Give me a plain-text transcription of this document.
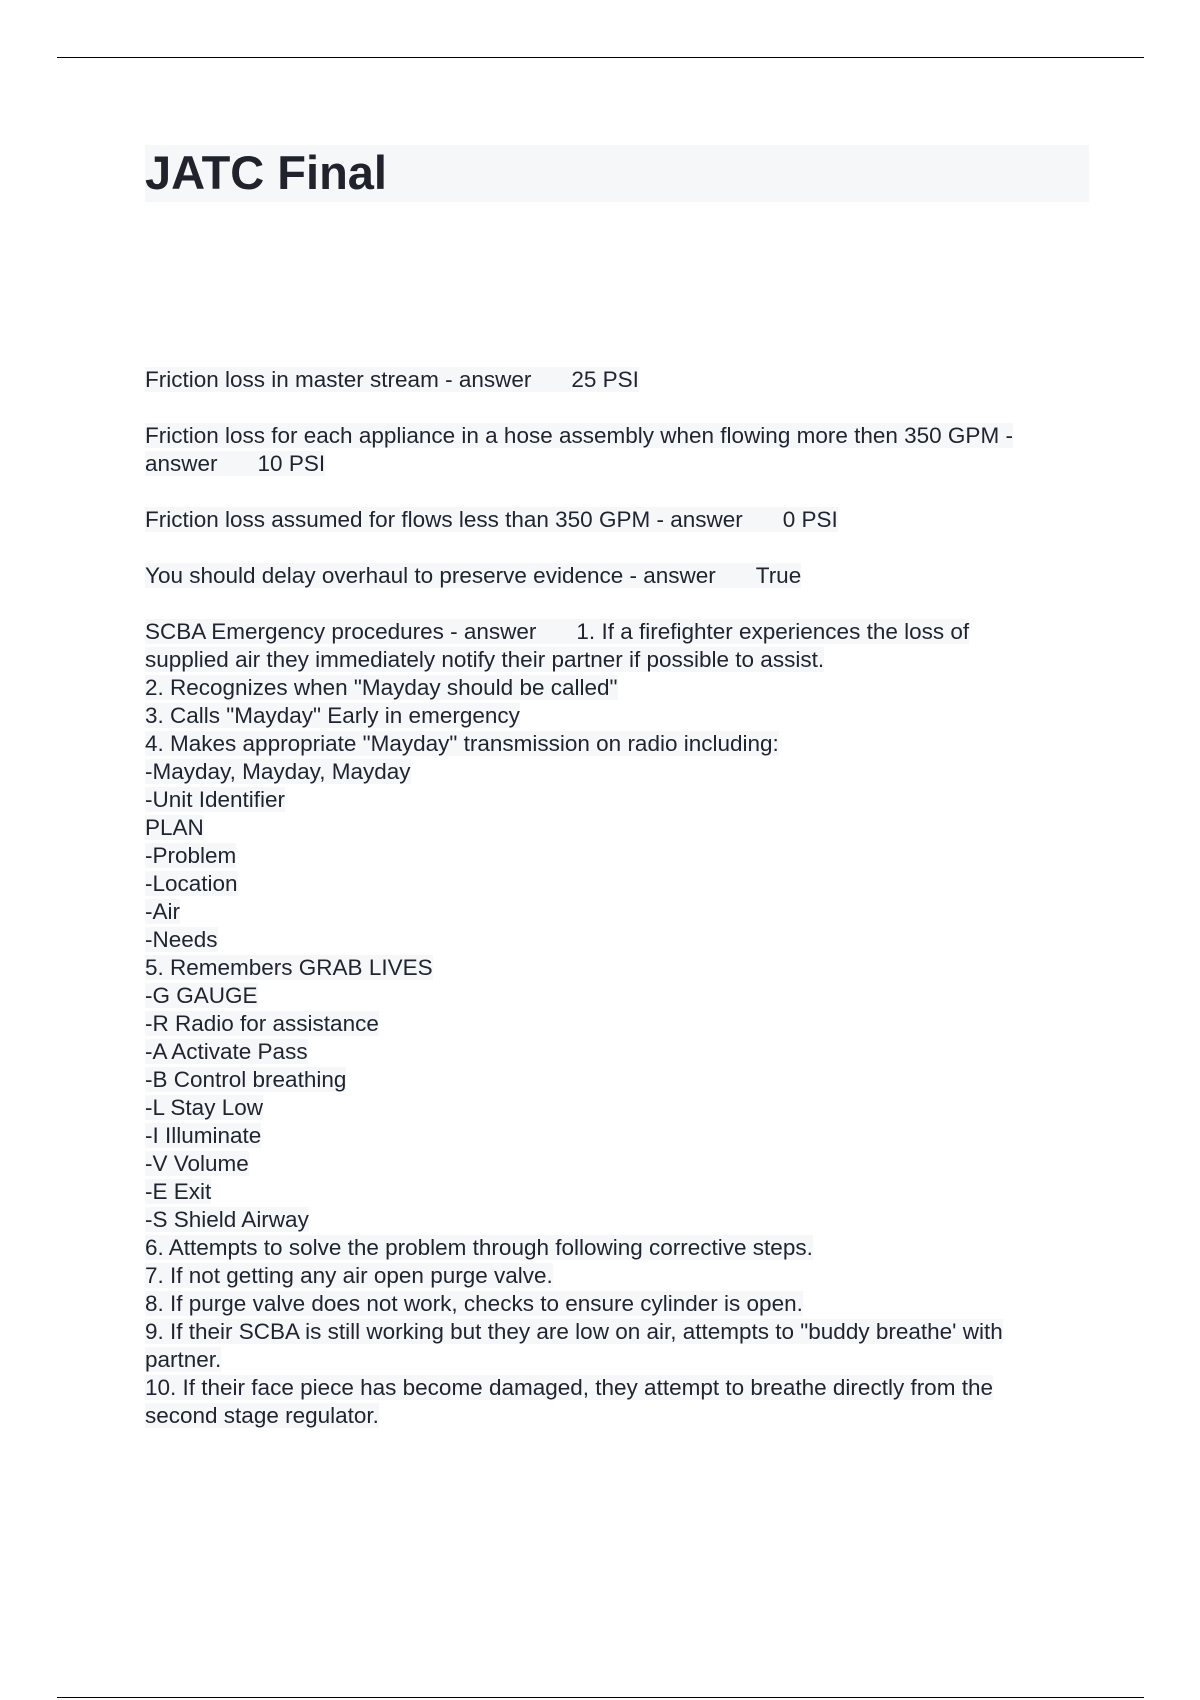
JATC Final
Friction loss in master stream - answer 25 PSI
Friction loss for each appliance in a hose assembly when flowing more then 350 GPM -
answer 10 PSI
Friction loss assumed for flows less than 350 GPM - answer 0 PSI
You should delay overhaul to preserve evidence - answer True
SCBA Emergency procedures - answer 1. If a firefighter experiences the loss of
supplied air they immediately notify their partner if possible to assist.
2. Recognizes when "Mayday should be called"
3. Calls "Mayday" Early in emergency
4. Makes appropriate "Mayday" transmission on radio including:
-Mayday, Mayday, Mayday
-Unit Identifier
PLAN
-Problem
-Location
-Air
-Needs
5. Remembers GRAB LIVES
-G GAUGE
-R Radio for assistance
-A Activate Pass
-B Control breathing
-L Stay Low
-I Illuminate
-V Volume
-E Exit
-S Shield Airway
6. Attempts to solve the problem through following corrective steps.
7. If not getting any air open purge valve.
8. If purge valve does not work, checks to ensure cylinder is open.
9. If their SCBA is still working but they are low on air, attempts to "buddy breathe' with
partner.
10. If their face piece has become damaged, they attempt to breathe directly from the
second stage regulator.
